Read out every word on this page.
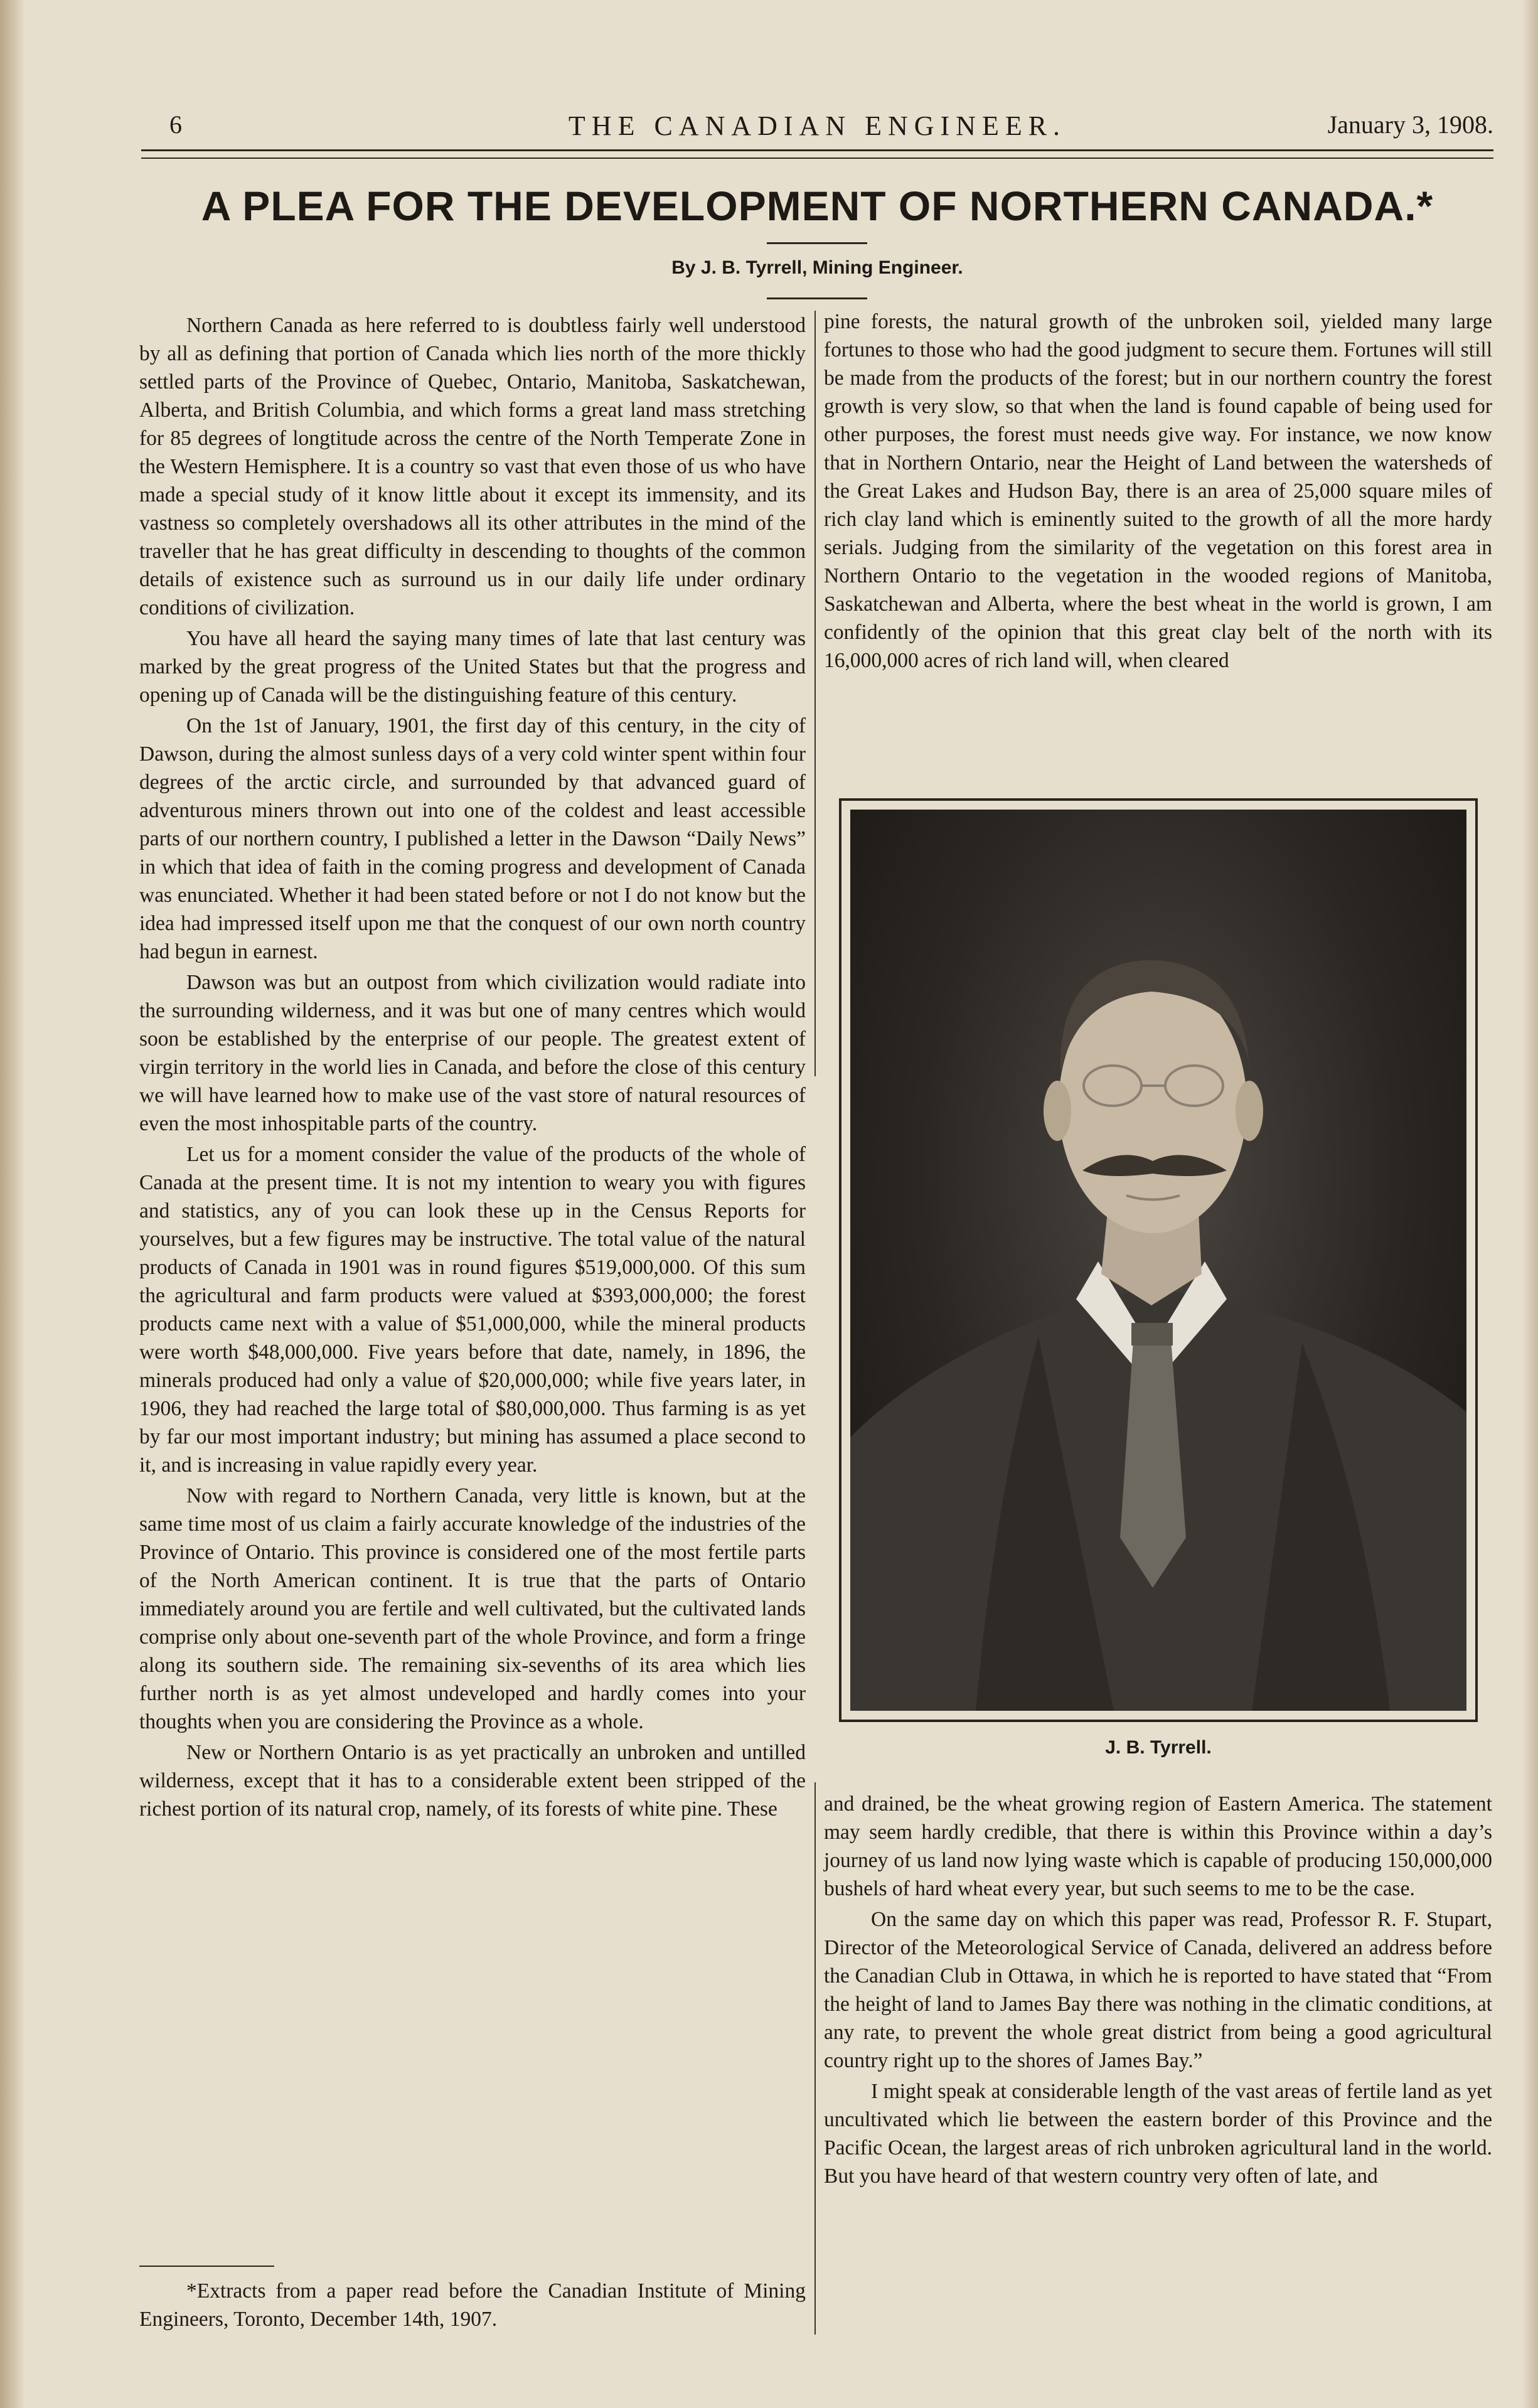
6	THE CANADIAN ENGINEER.	January 3, 1908.
A PLEA FOR THE DEVELOPMENT OF NORTHERN CANADA.*
By J. B. Tyrrell, Mining Engineer.

Northern Canada as here referred to is doubtless fairly well understood by all as defining that portion of Canada which lies north of the more thickly settled parts of the Province of Quebec, Ontario, Manitoba, Saskatchewan, Alberta, and British Columbia, and which forms a great land mass stretching for 85 degrees of longtitude across the centre of the North Temperate Zone in the Western Hemisphere. It is a country so vast that even those of us who have made a special study of it know little about it except its immensity, and its vastness so completely overshadows all its other attributes in the mind of the traveller that he has great difficulty in descending to thoughts of the common details of existence such as surround us in our daily life under ordinary conditions of civilization.

You have all heard the saying many times of late that last century was marked by the great progress of the United States but that the progress and opening up of Canada will be the distinguishing feature of this century.

On the 1st of January, 1901, the first day of this century, in the city of Dawson, during the almost sunless days of a very cold winter spent within four degrees of the arctic circle, and surrounded by that advanced guard of adventurous miners thrown out into one of the coldest and least accessible parts of our northern country, I published a letter in the Dawson “Daily News” in which that idea of faith in the coming progress and development of Canada was enunciated. Whether it had been stated before or not I do not know but the idea had impressed itself upon me that the conquest of our own north country had begun in earnest.

Dawson was but an outpost from which civilization would radiate into the surrounding wilderness, and it was but one of many centres which would soon be established by the enterprise of our people. The greatest extent of virgin territory in the world lies in Canada, and before the close of this century we will have learned how to make use of the vast store of natural resources of even the most inhospitable parts of the country.

Let us for a moment consider the value of the products of the whole of Canada at the present time. It is not my intention to weary you with figures and statistics, any of you can look these up in the Census Reports for yourselves, but a few figures may be instructive. The total value of the natural products of Canada in 1901 was in round figures $519,000,000. Of this sum the agricultural and farm products were valued at $393,000,000; the forest products came next with a value of $51,000,000, while the mineral products were worth $48,000,000. Five years before that date, namely, in 1896, the minerals produced had only a value of $20,000,000; while five years later, in 1906, they had reached the large total of $80,000,000. Thus farming is as yet by far our most important industry; but mining has assumed a place second to it, and is increasing in value rapidly every year.

Now with regard to Northern Canada, very little is known, but at the same time most of us claim a fairly accurate knowledge of the industries of the Province of Ontario. This province is considered one of the most fertile parts of the North American continent. It is true that the parts of Ontario immediately around you are fertile and well cultivated, but the cultivated lands comprise only about one-seventh part of the whole Province, and form a fringe along its southern side. The remaining six-sevenths of its area which lies further north is as yet almost undeveloped and hardly comes into your thoughts when you are considering the Province as a whole.

New or Northern Ontario is as yet practically an unbroken and untilled wilderness, except that it has to a considerable extent been stripped of the richest portion of its natural crop, namely, of its forests of white pine. These

pine forests, the natural growth of the unbroken soil, yielded many large fortunes to those who had the good judgment to secure them. Fortunes will still be made from the products of the forest; but in our northern country the forest growth is very slow, so that when the land is found capable of being used for other purposes, the forest must needs give way. For instance, we now know that in Northern Ontario, near the Height of Land between the watersheds of the Great Lakes and Hudson Bay, there is an area of 25,000 square miles of rich clay land which is eminently suited to the growth of all the more hardy serials. Judging from the similarity of the vegetation on this forest area in Northern Ontario to the vegetation in the wooded regions of Manitoba, Saskatchewan and Alberta, where the best wheat in the world is grown, I am confidently of the opinion that this great clay belt of the north with its 16,000,000 acres of rich land will, when cleared

J. B. Tyrrell.

and drained, be the wheat growing region of Eastern America. The statement may seem hardly credible, that there is within this Province within a day’s journey of us land now lying waste which is capable of producing 150,000,000 bushels of hard wheat every year, but such seems to me to be the case.

On the same day on which this paper was read, Professor R. F. Stupart, Director of the Meteorological Service of Canada, delivered an address before the Canadian Club in Ottawa, in which he is reported to have stated that “From the height of land to James Bay there was nothing in the climatic conditions, at any rate, to prevent the whole great district from being a good agricultural country right up to the shores of James Bay.”

I might speak at considerable length of the vast areas of fertile land as yet uncultivated which lie between the eastern border of this Province and the Pacific Ocean, the largest areas of rich unbroken agricultural land in the world. But you have heard of that western country very often of late, and

*Extracts from a paper read before the Canadian Institute of Mining Engineers, Toronto, December 14th, 1907.
